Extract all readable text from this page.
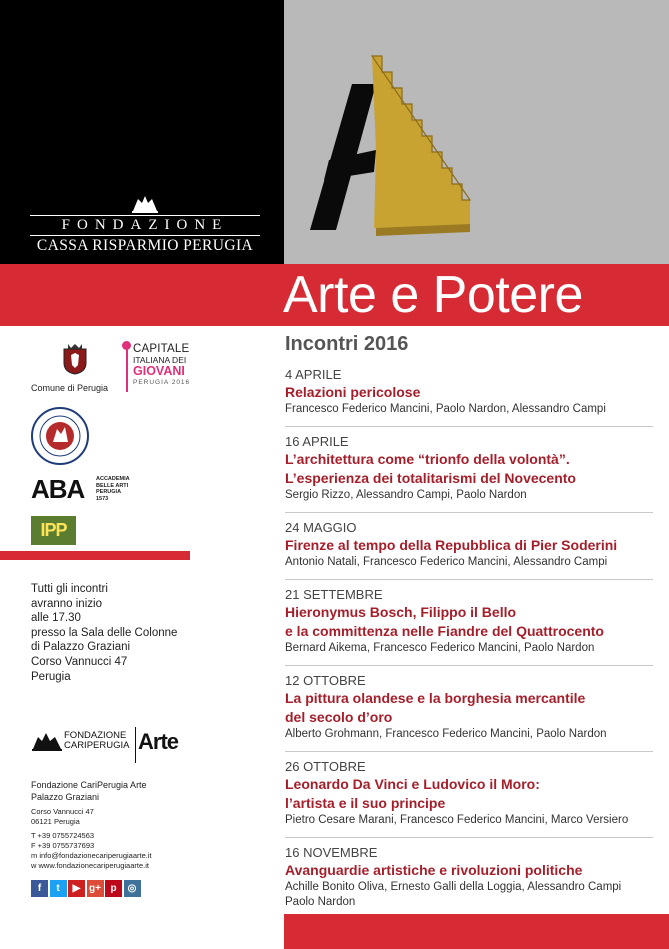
FONDAZIONE
CASSA RISPARMIO PERUGIA
Arte e Potere
Incontri 2016
4 APRILE
Relazioni pericolose
Francesco Federico Mancini, Paolo Nardon, Alessandro Campi
16 APRILE
L’architettura come “trionfo della volontà”.
L’esperienza dei totalitarismi del Novecento
Sergio Rizzo, Alessandro Campi, Paolo Nardon
24 MAGGIO
Firenze al tempo della Repubblica di Pier Soderini
Antonio Natali, Francesco Federico Mancini, Alessandro Campi
21 SETTEMBRE
Hieronymus Bosch, Filippo il Bello
e la committenza nelle Fiandre del Quattrocento
Bernard Aikema, Francesco Federico Mancini, Paolo Nardon
12 OTTOBRE
La pittura olandese e la borghesia mercantile
del secolo d’oro
Alberto Grohmann, Francesco Federico Mancini, Paolo Nardon
26 OTTOBRE
Leonardo Da Vinci e Ludovico il Moro:
l’artista e il suo principe
Pietro Cesare Marani, Francesco Federico Mancini, Marco Versiero
16 NOVEMBRE
Avanguardie artistiche e rivoluzioni politiche
Achille Bonito Oliva, Ernesto Galli della Loggia, Alessandro Campi
Paolo Nardon
Comune di Perugia
CAPITALE
ITALIANA DEI
GIOVANI
PERUGIA 2016
ABA ACCADEMIA
BELLE ARTI
PERUGIA
1573
IPP
Tutti gli incontri
avranno inizio
alle 17.30
presso la Sala delle Colonne
di Palazzo Graziani
Corso Vannucci 47
Perugia
FONDAZIONE
CARIPERUGIA Arte
Fondazione CariPerugia Arte
Palazzo Graziani
Corso Vannucci 47
06121 Perugia
T +39 0755724563
F +39 0755737693
m info@fondazionecariperugiaarte.it
w www.fondazionecariperugiaarte.it
f t ▶ g+ p ◎
